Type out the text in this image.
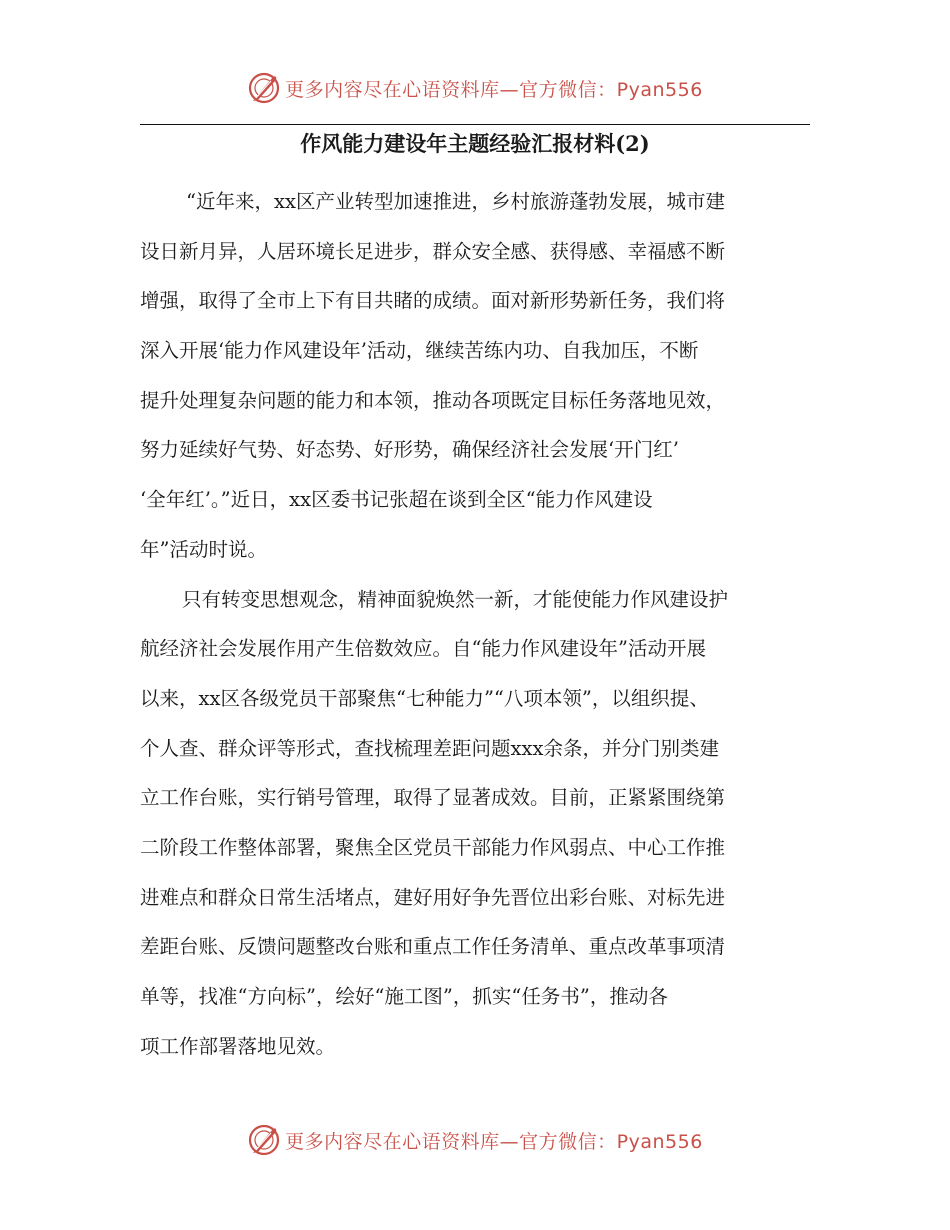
更多内容尽在心语资料库—官方微信：Pyan556
作风能力建设年主题经验汇报材料(2)
“近年来，xx区产业转型加速推进，乡村旅游蓬勃发展，城市建
设日新月异，人居环境长足进步，群众安全感、获得感、幸福感不断
增强，取得了全市上下有目共睹的成绩。面对新形势新任务，我们将
深入开展‘能力作风建设年’活动，继续苦练内功、自我加压，不断
提升处理复杂问题的能力和本领，推动各项既定目标任务落地见效，
努力延续好气势、好态势、好形势，确保经济社会发展‘开门红’
‘全年红’。”近日，xx区委书记张超在谈到全区“能力作风建设
年”活动时说。
只有转变思想观念，精神面貌焕然一新，才能使能力作风建设护
航经济社会发展作用产生倍数效应。自“能力作风建设年”活动开展
以来，xx区各级党员干部聚焦“七种能力”“八项本领”，以组织提、
个人查、群众评等形式，查找梳理差距问题xxx余条，并分门别类建
立工作台账，实行销号管理，取得了显著成效。目前，正紧紧围绕第
二阶段工作整体部署，聚焦全区党员干部能力作风弱点、中心工作推
进难点和群众日常生活堵点，建好用好争先晋位出彩台账、对标先进
差距台账、反馈问题整改台账和重点工作任务清单、重点改革事项清
单等，找准“方向标”，绘好“施工图”，抓实“任务书”，推动各
项工作部署落地见效。
更多内容尽在心语资料库—官方微信：Pyan556
